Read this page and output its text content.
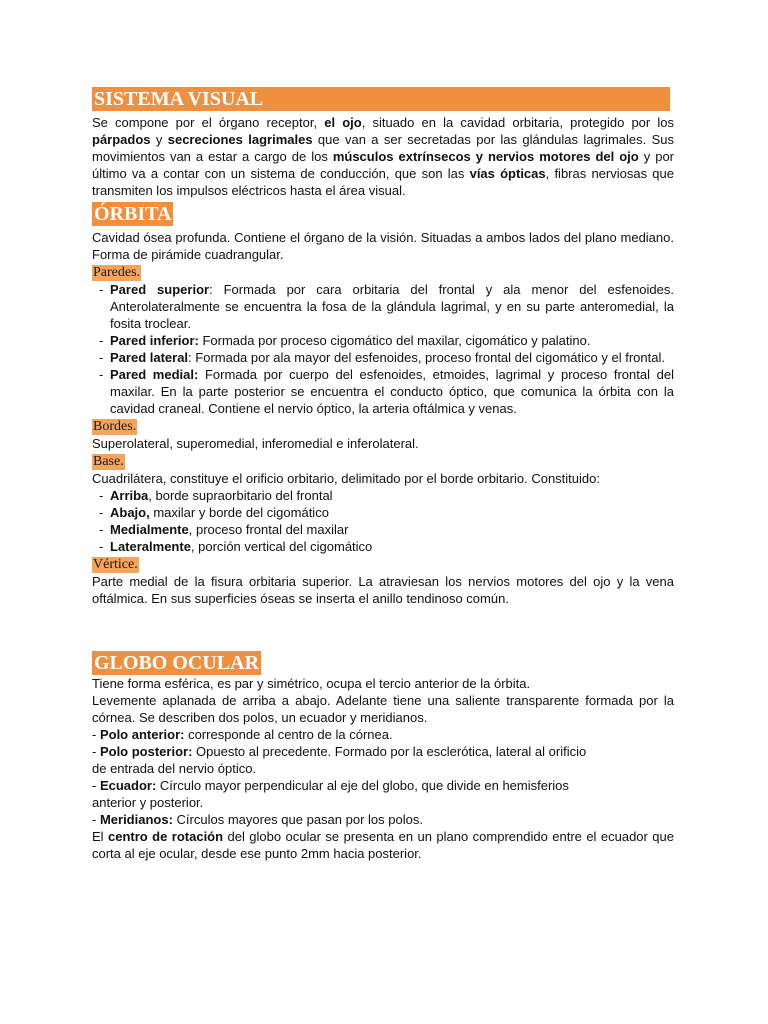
SISTEMA VISUAL

Se compone por el órgano receptor, el ojo, situado en la cavidad orbitaria, protegido por los párpados y secreciones lagrimales que van a ser secretadas por las glándulas lagrimales. Sus movimientos van a estar a cargo de los músculos extrínsecos y nervios motores del ojo y por último va a contar con un sistema de conducción, que son las vías ópticas, fibras nerviosas que transmiten los impulsos eléctricos hasta el área visual.

ÓRBITA

Cavidad ósea profunda. Contiene el órgano de la visión. Situadas a ambos lados del plano mediano. Forma de pirámide cuadrangular.

Paredes.
- Pared superior: Formada por cara orbitaria del frontal y ala menor del esfenoides. Anterolateralmente se encuentra la fosa de la glándula lagrimal, y en su parte anteromedial, la fosita troclear.
- Pared inferior: Formada por proceso cigomático del maxilar, cigomático y palatino.
- Pared lateral: Formada por ala mayor del esfenoides, proceso frontal del cigomático y el frontal.
- Pared medial: Formada por cuerpo del esfenoides, etmoides, lagrimal y proceso frontal del maxilar. En la parte posterior se encuentra el conducto óptico, que comunica la órbita con la cavidad craneal. Contiene el nervio óptico, la arteria oftálmica y venas.
Bordes.

Superolateral, superomedial, inferomedial e inferolateral.

Base.

Cuadrilátera, constituye el orificio orbitario, delimitado por el borde orbitario. Constituido:

- Arriba, borde supraorbitario del frontal
- Abajo, maxilar y borde del cigomático
- Medialmente, proceso frontal del maxilar
- Lateralmente, porción vertical del cigomático
Vértice.

Parte medial de la fisura orbitaria superior. La atraviesan los nervios motores del ojo y la vena oftálmica. En sus superficies óseas se inserta el anillo tendinoso común.

GLOBO OCULAR

Tiene forma esférica, es par y simétrico, ocupa el tercio anterior de la órbita.

Levemente aplanada de arriba a abajo. Adelante tiene una saliente transparente formada por la córnea. Se describen dos polos, un ecuador y meridianos.

- Polo anterior: corresponde al centro de la córnea.

- Polo posterior: Opuesto al precedente. Formado por la esclerótica, lateral al orificio
de entrada del nervio óptico.

- Ecuador: Círculo mayor perpendicular al eje del globo, que divide en hemisferios
anterior y posterior.

- Meridianos: Círculos mayores que pasan por los polos.

El centro de rotación del globo ocular se presenta en un plano comprendido entre el ecuador que corta al eje ocular, desde ese punto 2mm hacia posterior.
